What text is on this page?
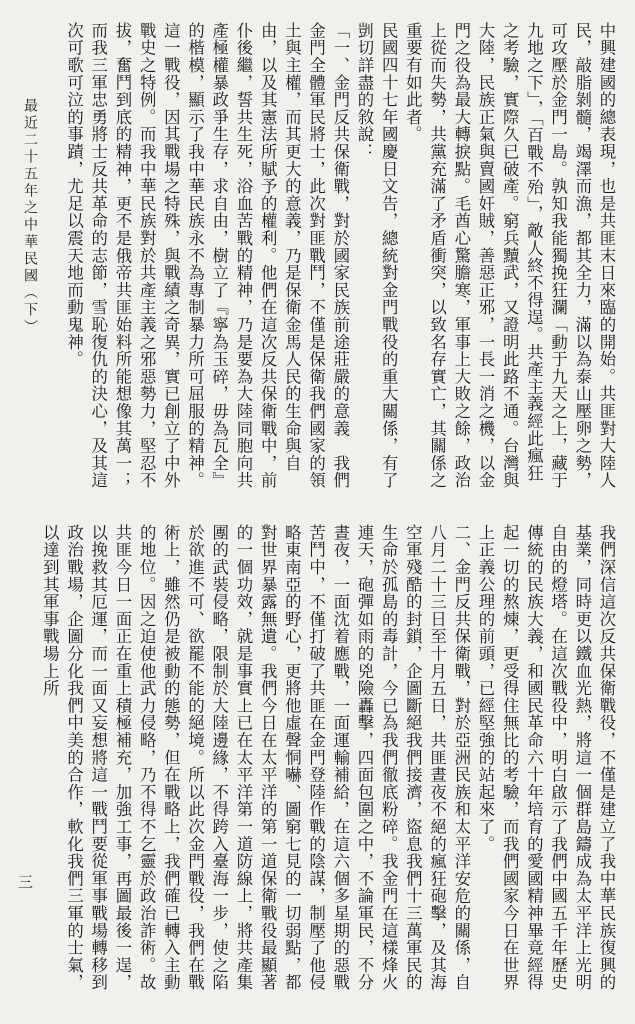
中興建國的總表現，也是共匪末日來臨的開始。共匪對大陸人民，敲脂剝髓，竭澤而漁，都其全力，滿以為泰山壓卵之勢，可攻壓於金門一島。孰知我能獨挽狂瀾「動于九天之上，藏于九地之下」，「百戰不殆」，敵人終不得逞。共產主義經此瘋狂之考驗，實際久已破產。窮兵黷武，又證明此路不通。台灣與大陸，民族正氣與賣國奸賊，善惡正邪，一長一消之機，以金門之役為最大轉捩點。毛酋心驚膽寒，軍事上大敗之餘，政治上從而失勢，共黨充滿了矛盾衝突，以致名存實亡，其關係之重要有如此者。

民國四十七年國慶日文告，總統對金門戰役的重大關係，有了剴切詳盡的敘說：

「一、金門反共保衛戰，對於國家民族前途莊嚴的意義　我們金門全體軍民將士，此次對匪戰鬥，不僅是保衛我們國家的領土與主權，而其更大的意義，乃是保衛金馬人民的生命與自由，以及其憲法所賦予的權利。他們在這次反共保衛戰中，前仆後繼，誓共生死，浴血苦戰的精神，乃是要為大陸同胞向共產極權暴政爭生存，求自由，樹立了『寧為玉碎，毋為瓦全』的楷模，顯示了我中華民族永不為專制暴力所可屈服的精神。

這一戰役，因其戰場之特殊，與戰績之奇異，實已創立了中外戰史之特例。而我中華民族對於共產主義之邪惡勢力，堅忍不拔，奮鬥到底的精神，更不是俄帝共匪始料所能想像其萬一；而我三軍忠勇將士反共革命的志節，雪恥復仇的決心，及其這次可歌可泣的事蹟，尤足以震天地而動鬼神。

我們深信這次反共保衛戰役，不僅是建立了我中華民族復興的基業，同時更以鐵血光熱，將這一個群島鑄成為太平洋上光明自由的燈塔。在這次戰役中，明白啟示了我們中國五千年歷史傳統的民族大義，和國民革命六十年培育的愛國精神畢竟經得起一切的熬煉，更受得住無比的考驗，而我們國家今日在世界上正義公理的前頭，已經堅強的站起來了。

二、金門反共保衛戰，對於亞洲民族和太平洋安危的關係，自八月二十三日至十月五日，共匪晝夜不絕的瘋狂砲擊，及其海空軍殘酷的封鎖，企圖斷絕我們接濟，盜息我們十三萬軍民的生命於孤島的毒計，今已為我們徹底粉碎。我金門在這樣烽火連天，砲彈如雨的兇險轟擊，四面包圍之中，不論軍民，不分晝夜，一面沈着應戰，一面運輸補給，在這六個多星期的惡戰苦鬥中，不僅打破了共匪在金門登陸作戰的陰謀，制壓了他侵略東南亞的野心，更將他虛聲恫嚇、圖窮七見的一切弱點，都對世界暴露無遺。我們今日在太平洋的第一道保衛戰役最顯著的一個功效，就是事實上已在太平洋第一道防線上，將共產集團的武裝侵略，限制於大陸邊緣，不得跨入臺海一步，使之陷於欲進不可、欲罷不能的絕境。所以此次金門戰役，我們在戰術上，雖然仍是被動的態勢，但在戰略上，我們確已轉入主動的地位。因之迫使他武力侵略，乃不得不乞靈於政治詐術。故共匪今日一面正在重上積極補充，加強工事，再圖最後一逞，以挽救其厄運，而一面又妄想將這一戰鬥要從軍事戰場轉移到政治戰場，企圖分化我們中美的合作，軟化我們三軍的士氣，以達到其軍事戰場上所

最近二十五年之中華民國（下）
三
